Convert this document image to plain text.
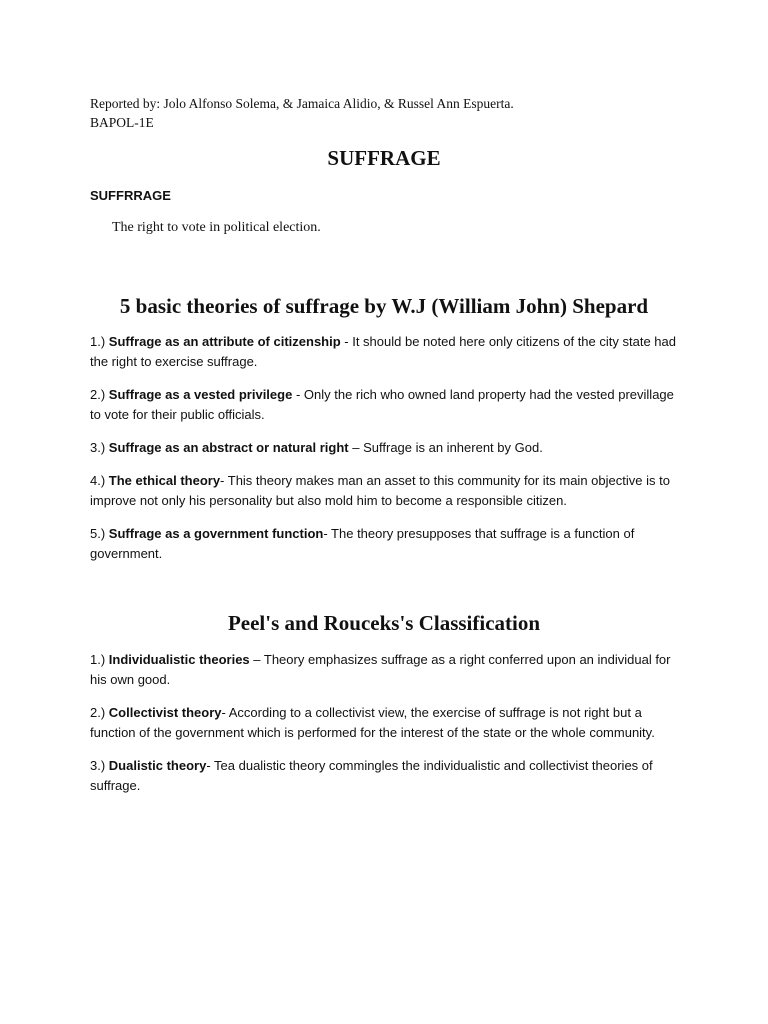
Reported by: Jolo Alfonso Solema, & Jamaica Alidio, & Russel Ann Espuerta.
BAPOL-1E
SUFFRAGE
SUFFRRAGE
The right to vote in political election.
5 basic theories of suffrage by W.J (William John) Shepard
1.) Suffrage as an attribute of citizenship - It should be noted here only citizens of the city state had the right to exercise suffrage.
2.) Suffrage as a vested privilege - Only the rich who owned land property had the vested previllage to vote for their public officials.
3.) Suffrage as an abstract or natural right – Suffrage is an inherent by God.
4.) The ethical theory- This theory makes man an asset to this community for its main objective is to improve not only his personality but also mold him to become a responsible citizen.
5.) Suffrage as a government function- The theory presupposes that suffrage is a function of government.
Peel's and Rouceks's Classification
1.) Individualistic theories – Theory emphasizes suffrage as a right conferred upon an individual for his own good.
2.) Collectivist theory- According to a collectivist view, the exercise of suffrage is not right but a function of the government which is performed for the interest of the state or the whole community.
3.) Dualistic theory- Tea dualistic theory commingles the individualistic and collectivist theories of suffrage.
